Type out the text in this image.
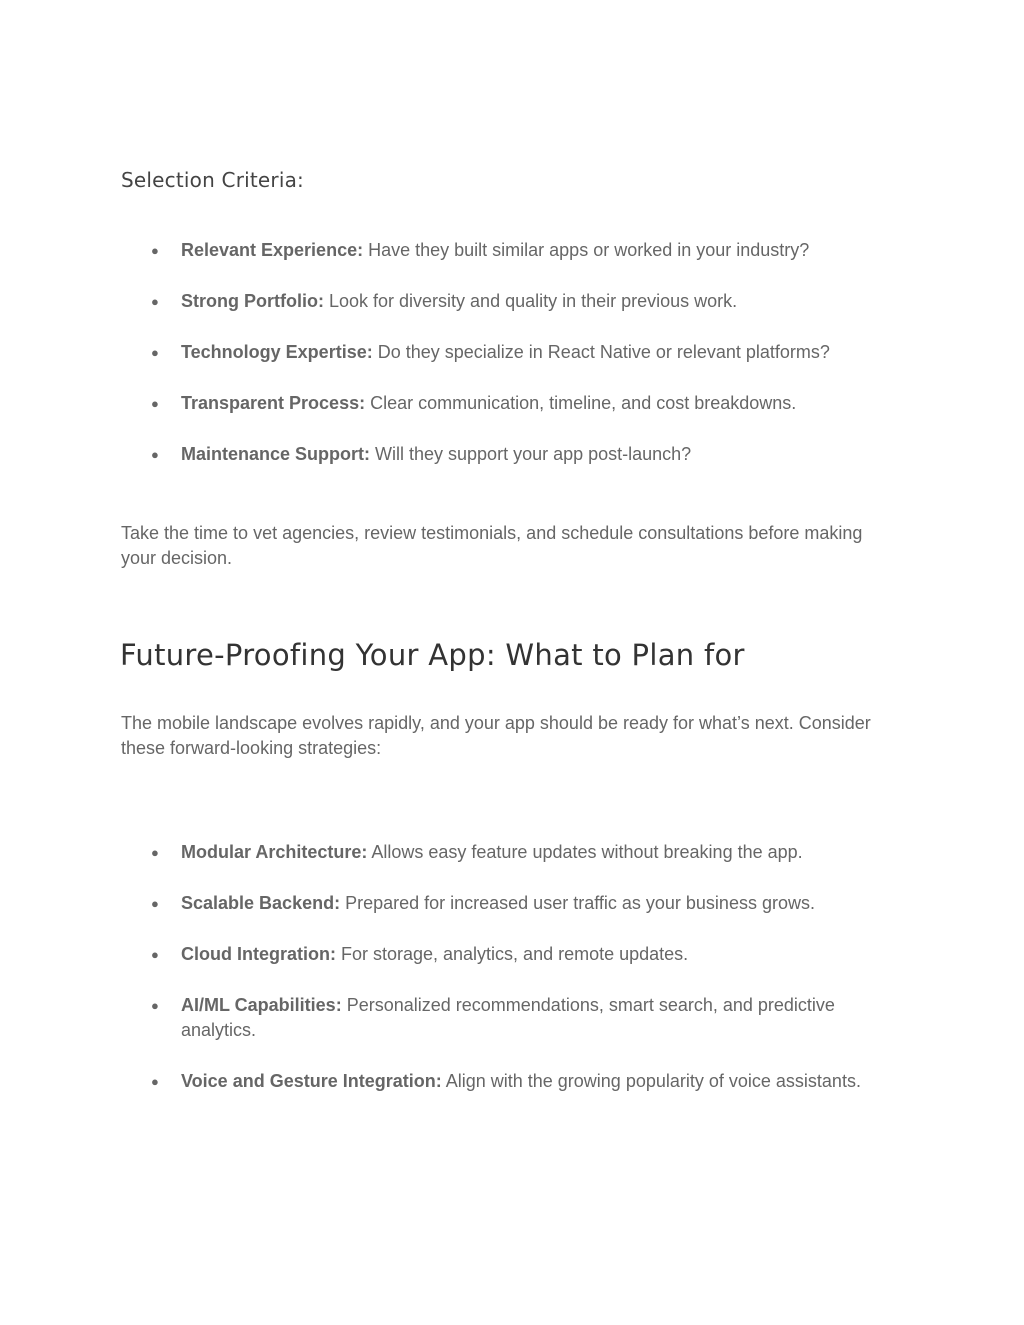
Selection Criteria:
● Relevant Experience: Have they built similar apps or worked in your industry?
● Strong Portfolio: Look for diversity and quality in their previous work.
● Technology Expertise: Do they specialize in React Native or relevant platforms?
● Transparent Process: Clear communication, timeline, and cost breakdowns.
● Maintenance Support: Will they support your app post-launch?

Take the time to vet agencies, review testimonials, and schedule consultations before making your decision.

Future-Proofing Your App: What to Plan for

The mobile landscape evolves rapidly, and your app should be ready for what’s next. Consider these forward-looking strategies:

● Modular Architecture: Allows easy feature updates without breaking the app.
● Scalable Backend: Prepared for increased user traffic as your business grows.
● Cloud Integration: For storage, analytics, and remote updates.
● AI/ML Capabilities: Personalized recommendations, smart search, and predictive analytics.
● Voice and Gesture Integration: Align with the growing popularity of voice assistants.
